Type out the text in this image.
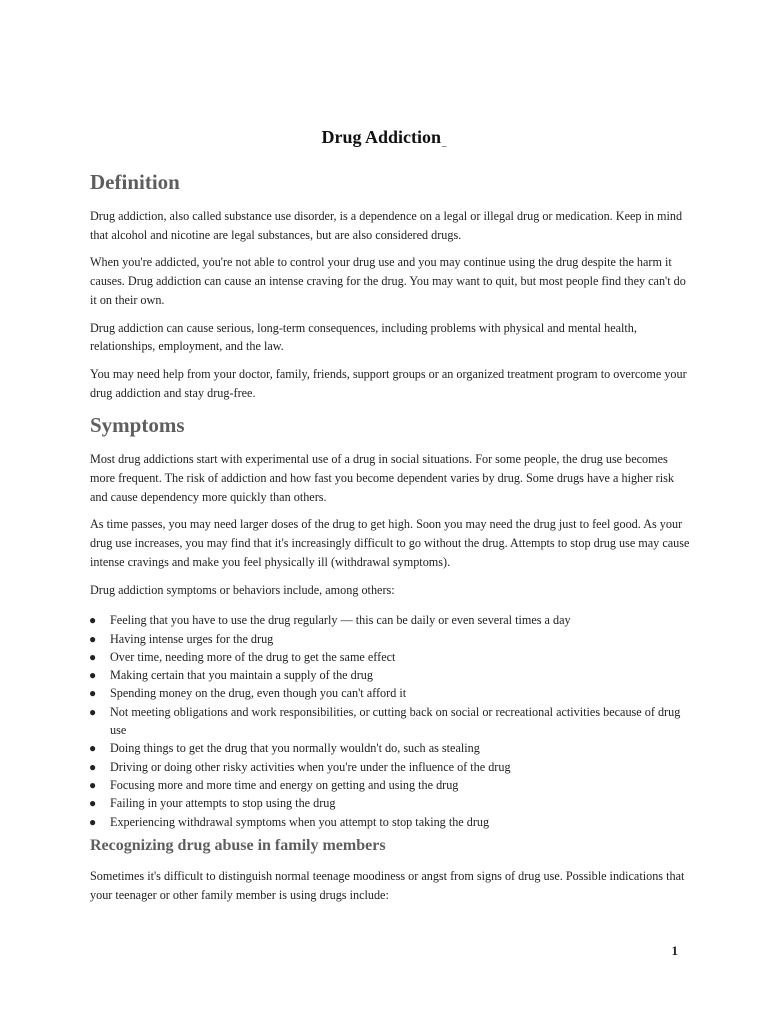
Drug Addiction_
Definition

Drug addiction, also called substance use disorder, is a dependence on a legal or illegal drug or medication. Keep in mind that alcohol and nicotine are legal substances, but are also considered drugs.

When you're addicted, you're not able to control your drug use and you may continue using the drug despite the harm it causes. Drug addiction can cause an intense craving for the drug. You may want to quit, but most people find they can't do it on their own.

Drug addiction can cause serious, long-term consequences, including problems with physical and mental health, relationships, employment, and the law.

You may need help from your doctor, family, friends, support groups or an organized treatment program to overcome your drug addiction and stay drug-free.

Symptoms

Most drug addictions start with experimental use of a drug in social situations. For some people, the drug use becomes more frequent. The risk of addiction and how fast you become dependent varies by drug. Some drugs have a higher risk and cause dependency more quickly than others.

As time passes, you may need larger doses of the drug to get high. Soon you may need the drug just to feel good. As your drug use increases, you may find that it's increasingly difficult to go without the drug. Attempts to stop drug use may cause intense cravings and make you feel physically ill (withdrawal symptoms).

Drug addiction symptoms or behaviors include, among others:

● Feeling that you have to use the drug regularly — this can be daily or even several times a day
● Having intense urges for the drug
● Over time, needing more of the drug to get the same effect
● Making certain that you maintain a supply of the drug
● Spending money on the drug, even though you can't afford it
● Not meeting obligations and work responsibilities, or cutting back on social or recreational activities because of drug use
● Doing things to get the drug that you normally wouldn't do, such as stealing
● Driving or doing other risky activities when you're under the influence of the drug
● Focusing more and more time and energy on getting and using the drug
● Failing in your attempts to stop using the drug
● Experiencing withdrawal symptoms when you attempt to stop taking the drug
Recognizing drug abuse in family members

Sometimes it's difficult to distinguish normal teenage moodiness or angst from signs of drug use. Possible indications that your teenager or other family member is using drugs include:

1
